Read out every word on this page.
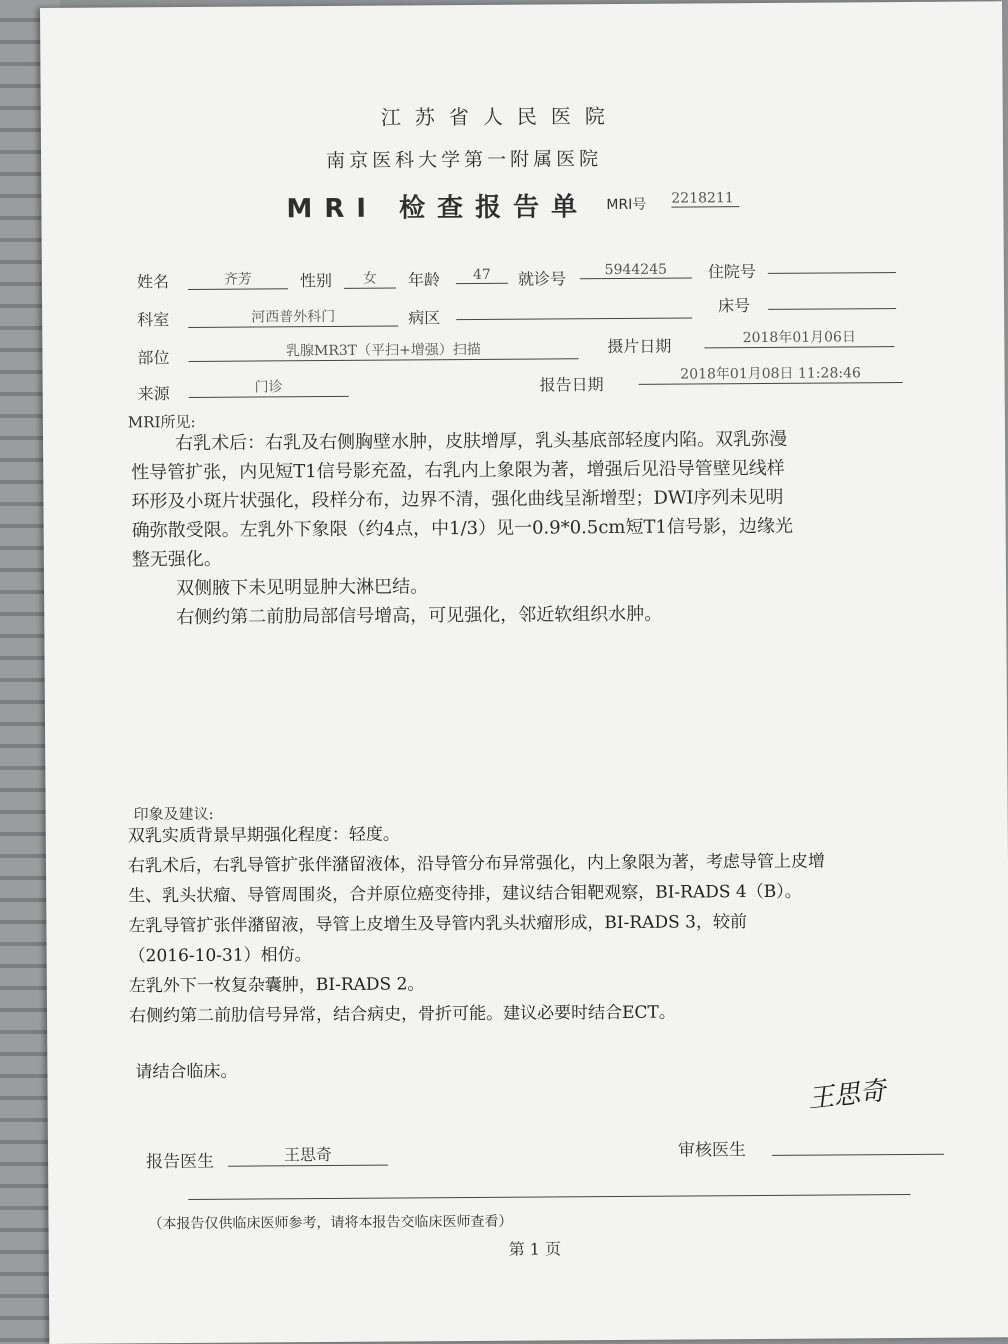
江苏省人民医院
南京医科大学第一附属医院
MRI 检查报告单 MRI号 2218211
姓名	齐芳	性别	女	年龄	47	就诊号	5944245	住院号
科室	河西普外科门	病区
床号
部位	乳腺MR3T（平扫+增强）扫描	摄片日期	2018年01月06日
来源	门诊	报告日期
2018年01月08日 11:28:46
MRI所见:

右乳术后：右乳及右侧胸壁水肿，皮肤增厚，乳头基底部轻度内陷。双乳弥漫

性导管扩张，内见短T1信号影充盈，右乳内上象限为著，增强后见沿导管壁见线样

环形及小斑片状强化，段样分布，边界不清，强化曲线呈渐增型；DWI序列未见明

确弥散受限。左乳外下象限（约4点，中1/3）见一0.9*0.5cm短T1信号影，边缘光

整无强化。

双侧腋下未见明显肿大淋巴结。

右侧约第二前肋局部信号增高，可见强化，邻近软组织水肿。

印象及建议:

双乳实质背景早期强化程度：轻度。

右乳术后，右乳导管扩张伴潴留液体，沿导管分布异常强化，内上象限为著，考虑导管上皮增

生、乳头状瘤、导管周围炎，合并原位癌变待排，建议结合钼靶观察，BI-RADS 4（B）。

左乳导管扩张伴潴留液，导管上皮增生及导管内乳头状瘤形成，BI-RADS 3，较前

（2016-10-31）相仿。

左乳外下一枚复杂囊肿，BI-RADS 2。

右侧约第二前肋信号异常，结合病史，骨折可能。建议必要时结合ECT。

请结合临床。
王思奇
报告医生	王思奇	审核医生
（本报告仅供临床医师参考，请将本报告交临床医师查看）
第 1 页
